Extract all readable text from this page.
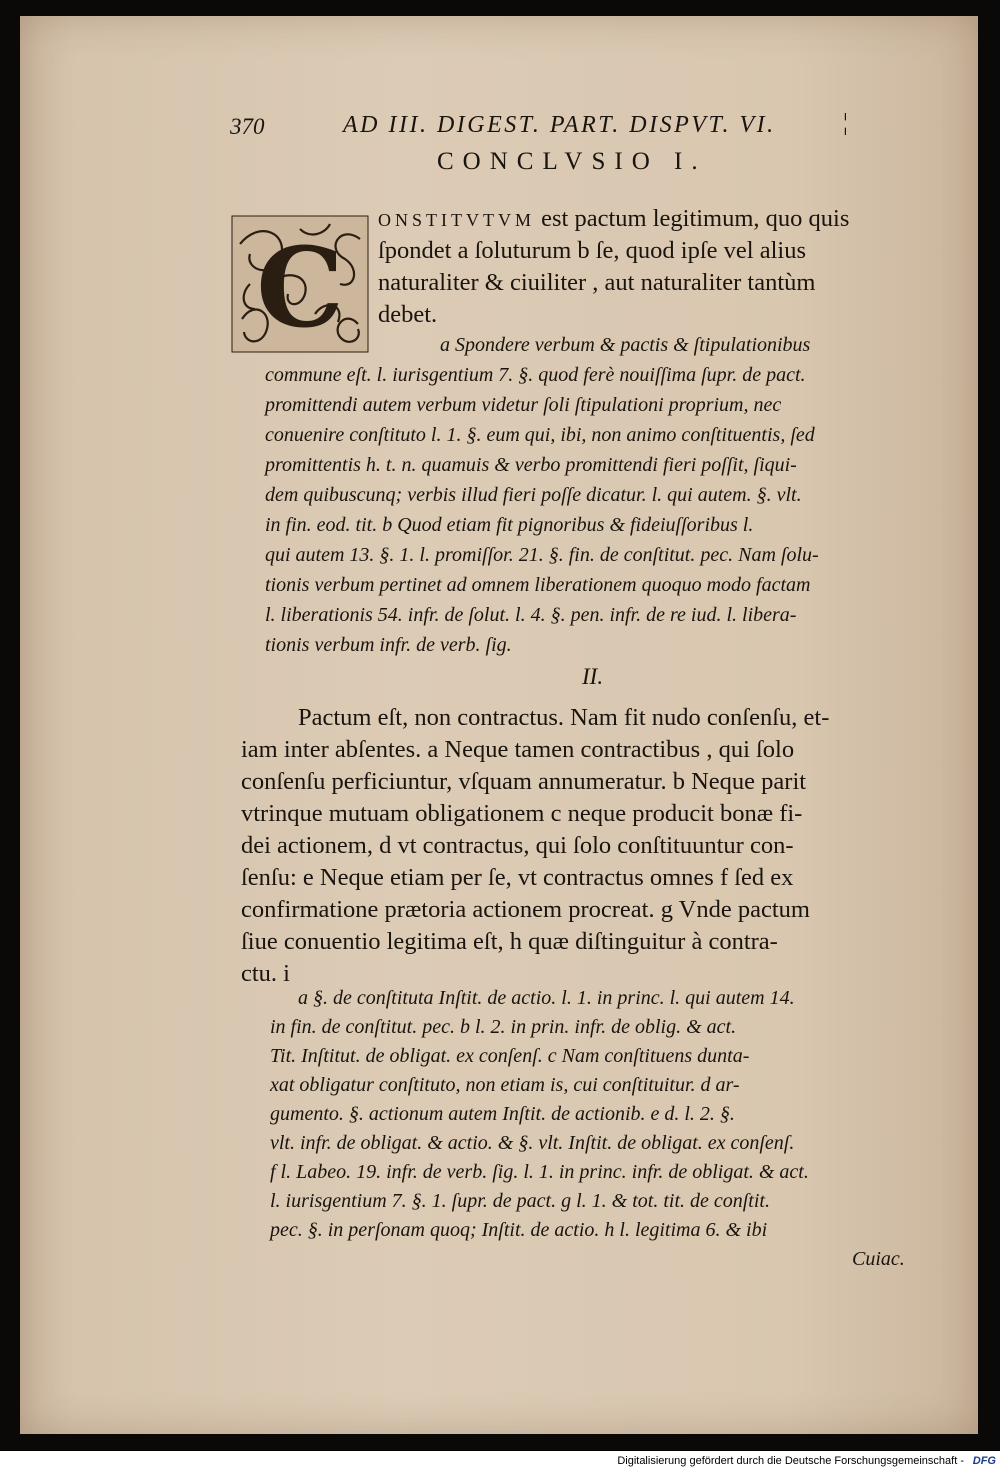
370	AD III. DIGEST. PART. DISPVT. VI.	¦
CONCLVSIO I.
C
ONSTITVTVM est pactum legitimum, quo quis
ſpondet a ſoluturum b ſe, quod ipſe vel alius
naturaliter & ciuiliter , aut naturaliter tantùm
debet.
a Spondere verbum & pactis & ſtipulationibus
commune eſt. l. iurisgentium 7. §. quod ferè nouiſſima ſupr. de pact.
promittendi autem verbum videtur ſoli ſtipulationi proprium, nec
conuenire conſtituto l. 1. §. eum qui, ibi, non animo conſtituentis, ſed
promittentis h. t. n. quamuis & verbo promittendi fieri poſſit, ſiqui-
dem quibuscunq; verbis illud fieri poſſe dicatur. l. qui autem. §. vlt.
in fin. eod. tit. b Quod etiam fit pignoribus & fideiuſſoribus l.
qui autem 13. §. 1. l. promiſſor. 21. §. fin. de conſtitut. pec. Nam ſolu-
tionis verbum pertinet ad omnem liberationem quoquo modo factam
l. liberationis 54. infr. de ſolut. l. 4. §. pen. infr. de re iud. l. libera-
tionis verbum infr. de verb. ſig.
II.
Pactum eſt, non contractus. Nam fit nudo conſenſu, et-
iam inter abſentes. a Neque tamen contractibus , qui ſolo
conſenſu perficiuntur, vſquam annumeratur. b Neque parit
vtrinque mutuam obligationem c neque producit bonæ fi-
dei actionem, d vt contractus, qui ſolo conſtituuntur con-
ſenſu: e Neque etiam per ſe, vt contractus omnes f ſed ex
confirmatione prætoria actionem procreat. g Vnde pactum
ſiue conuentio legitima eſt, h quæ diſtinguitur à contra-
ctu. i
a §. de conſtituta Inſtit. de actio. l. 1. in princ. l. qui autem 14.
in fin. de conſtitut. pec. b l. 2. in prin. infr. de oblig. & act.
Tit. Inſtitut. de obligat. ex conſenſ. c Nam conſtituens dunta-
xat obligatur conſtituto, non etiam is, cui conſtituitur. d ar-
gumento. §. actionum autem Inſtit. de actionib. e d. l. 2. §.
vlt. infr. de obligat. & actio. & §. vlt. Inſtit. de obligat. ex conſenſ.
f l. Labeo. 19. infr. de verb. ſig. l. 1. in princ. infr. de obligat. & act.
l. iurisgentium 7. §. 1. ſupr. de pact. g l. 1. & tot. tit. de conſtit.
pec. §. in perſonam quoq; Inſtit. de actio. h l. legitima 6. & ibi
Cuiac.
Digitalisierung gefördert durch die Deutsche Forschungsgemeinschaft - DFG
